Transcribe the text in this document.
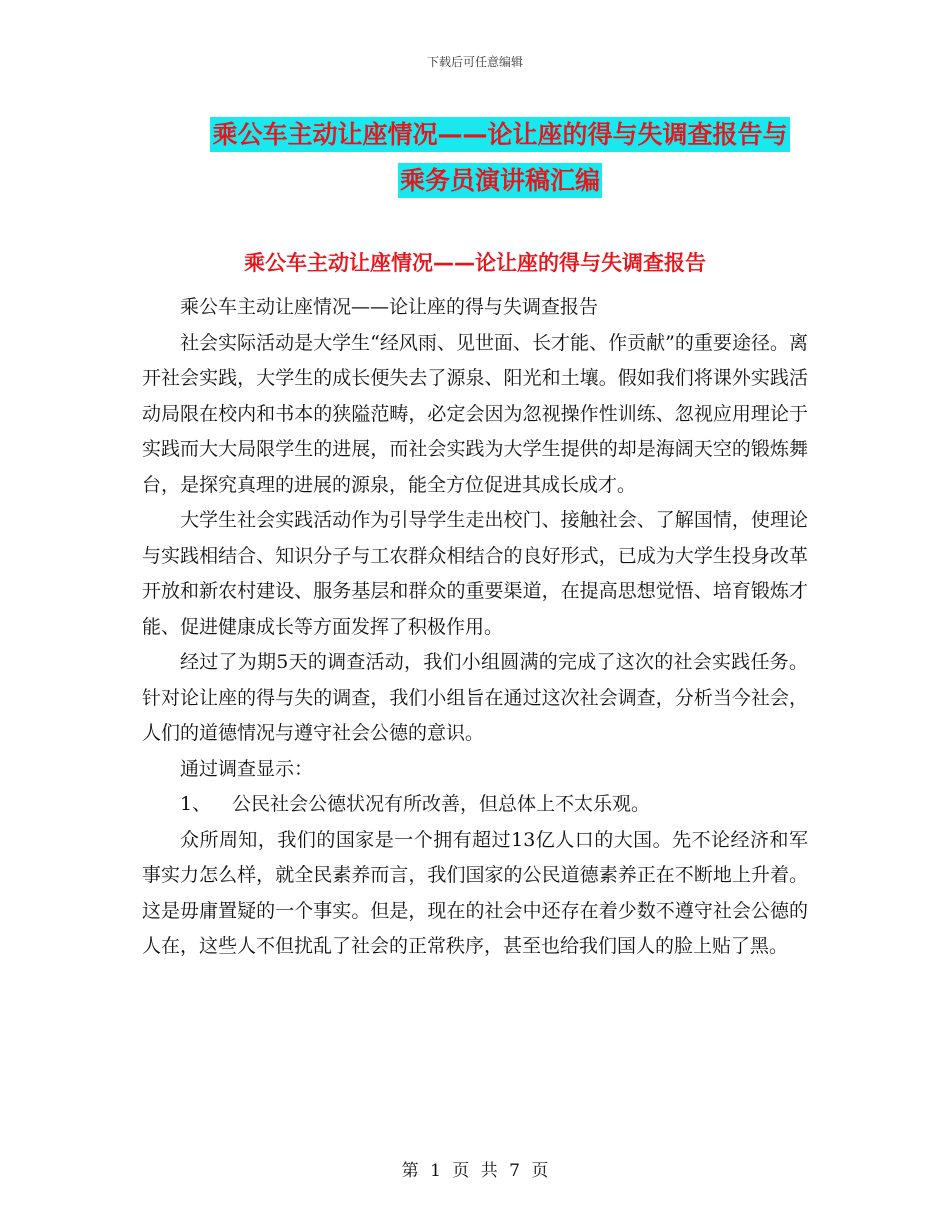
下载后可任意编辑
乘公车主动让座情况——论让座的得与失调查报告与
乘务员演讲稿汇编
乘公车主动让座情况——论让座的得与失调查报告

乘公车主动让座情况——论让座的得与失调查报告

社会实际活动是大学生“经风雨、见世面、长才能、作贡献”的重要途径。离开社会实践，大学生的成长便失去了源泉、阳光和土壤。假如我们将课外实践活动局限在校内和书本的狭隘范畴，必定会因为忽视操作性训练、忽视应用理论于实践而大大局限学生的进展，而社会实践为大学生提供的却是海阔天空的锻炼舞台，是探究真理的进展的源泉，能全方位促进其成长成才。

大学生社会实践活动作为引导学生走出校门、接触社会、了解国情，使理论与实践相结合、知识分子与工农群众相结合的良好形式，已成为大学生投身改革开放和新农村建设、服务基层和群众的重要渠道，在提高思想觉悟、培育锻炼才能、促进健康成长等方面发挥了积极作用。

经过了为期5天的调查活动，我们小组圆满的完成了这次的社会实践任务。针对论让座的得与失的调查，我们小组旨在通过这次社会调查，分析当今社会，人们的道德情况与遵守社会公德的意识。

通过调查显示：

1、 公民社会公德状况有所改善，但总体上不太乐观。

众所周知，我们的国家是一个拥有超过13亿人口的大国。先不论经济和军事实力怎么样，就全民素养而言，我们国家的公民道德素养正在不断地上升着。这是毋庸置疑的一个事实。但是，现在的社会中还存在着少数不遵守社会公德的人在，这些人不但扰乱了社会的正常秩序，甚至也给我们国人的脸上贴了黑。

第 1 页 共 7 页
